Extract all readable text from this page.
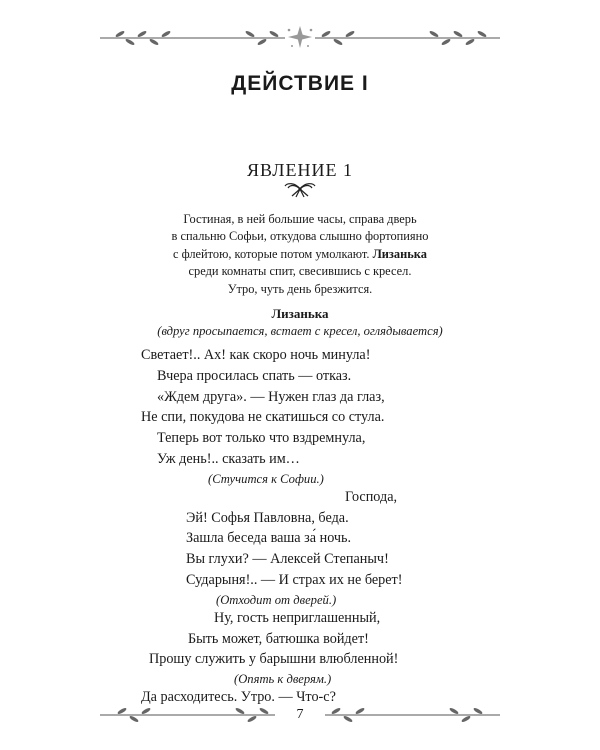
ДЕЙСТВИЕ I
ЯВЛЕНИЕ 1
Гостиная, в ней большие часы, справа дверь
в спальню Софьи, откудова слышно фортопияно
с флейтою, которые потом умолкают. Лизанька
среди комнаты спит, свесившись с кресел.
Утро, чуть день брезжится.
Лизанька
(вдруг просыпается, встает с кресел, оглядывается)
Светает!.. Ах! как скоро ночь минула!
Вчера просилась спать — отказ.
«Ждем друга». — Нужен глаз да глаз,
Не спи, покудова не скатишься со стула.
Теперь вот только что вздремнула,
Уж день!.. сказать им…
(Стучится к Софии.)
Господа,
Эй! Софья Павловна, беда.
Зашла беседа ваша за́ ночь.
Вы глухи? — Алексей Степаныч!
Сударыня!.. — И страх их не берет!
(Отходит от дверей.)
Ну, гость неприглашенный,
Быть может, батюшка войдет!
Прошу служить у барышни влюбленной!
(Опять к дверям.)
Да расходитесь. Утро. — Что-с?
7
